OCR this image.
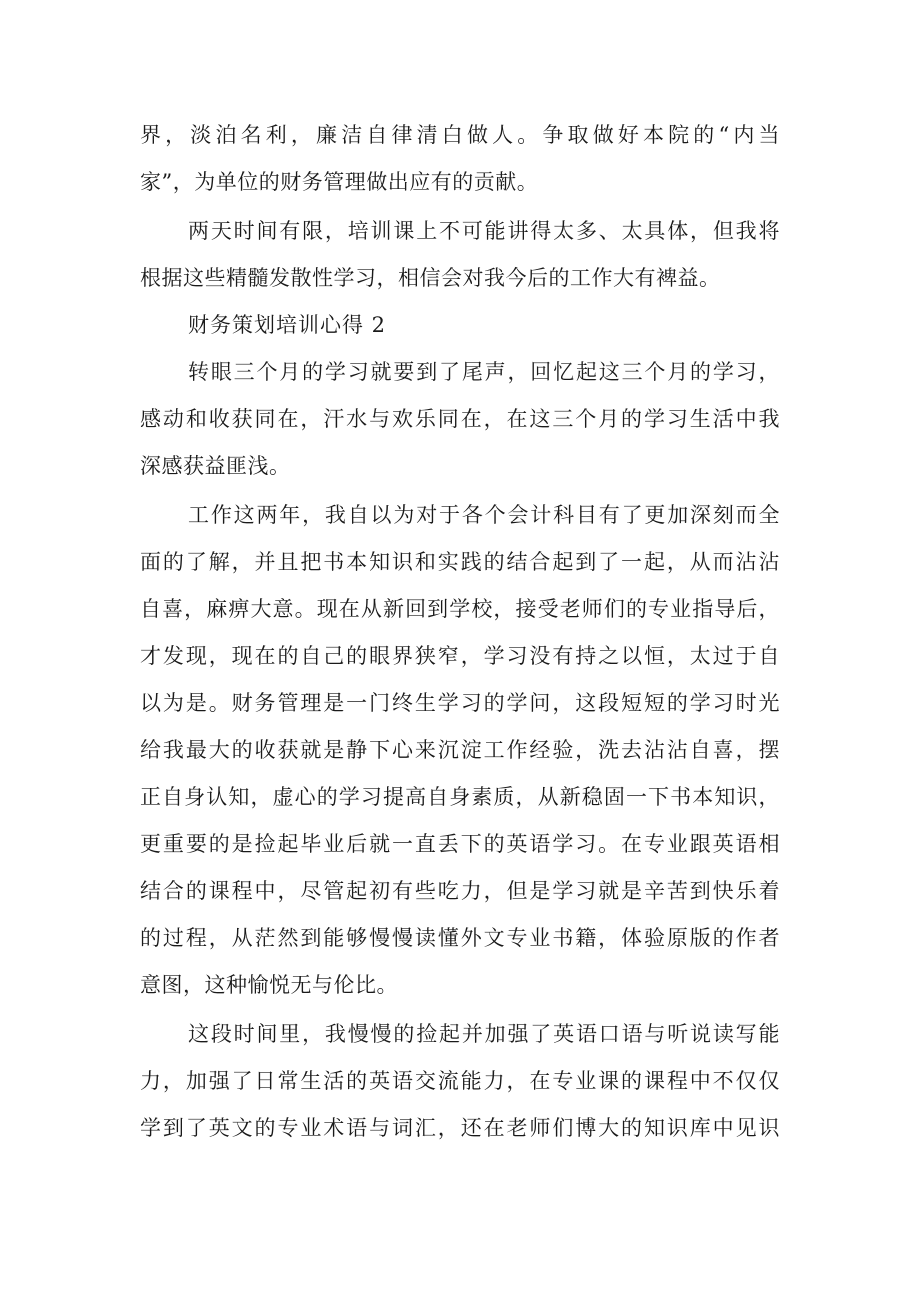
界，淡泊名利，廉洁自律清白做人。争取做好本院的“内当
家”，为单位的财务管理做出应有的贡献。
两天时间有限，培训课上不可能讲得太多、太具体，但我将
根据这些精髓发散性学习，相信会对我今后的工作大有裨益。
财务策划培训心得 2
转眼三个月的学习就要到了尾声，回忆起这三个月的学习，
感动和收获同在，汗水与欢乐同在，在这三个月的学习生活中我
深感获益匪浅。
工作这两年，我自以为对于各个会计科目有了更加深刻而全
面的了解，并且把书本知识和实践的结合起到了一起，从而沾沾
自喜，麻痹大意。现在从新回到学校，接受老师们的专业指导后，
才发现，现在的自己的眼界狭窄，学习没有持之以恒，太过于自
以为是。财务管理是一门终生学习的学问，这段短短的学习时光
给我最大的收获就是静下心来沉淀工作经验，洗去沾沾自喜，摆
正自身认知，虚心的学习提高自身素质，从新稳固一下书本知识，
更重要的是捡起毕业后就一直丢下的英语学习。在专业跟英语相
结合的课程中，尽管起初有些吃力，但是学习就是辛苦到快乐着
的过程，从茫然到能够慢慢读懂外文专业书籍，体验原版的作者
意图，这种愉悦无与伦比。
这段时间里，我慢慢的捡起并加强了英语口语与听说读写能
力，加强了日常生活的英语交流能力，在专业课的课程中不仅仅
学到了英文的专业术语与词汇，还在老师们博大的知识库中见识
